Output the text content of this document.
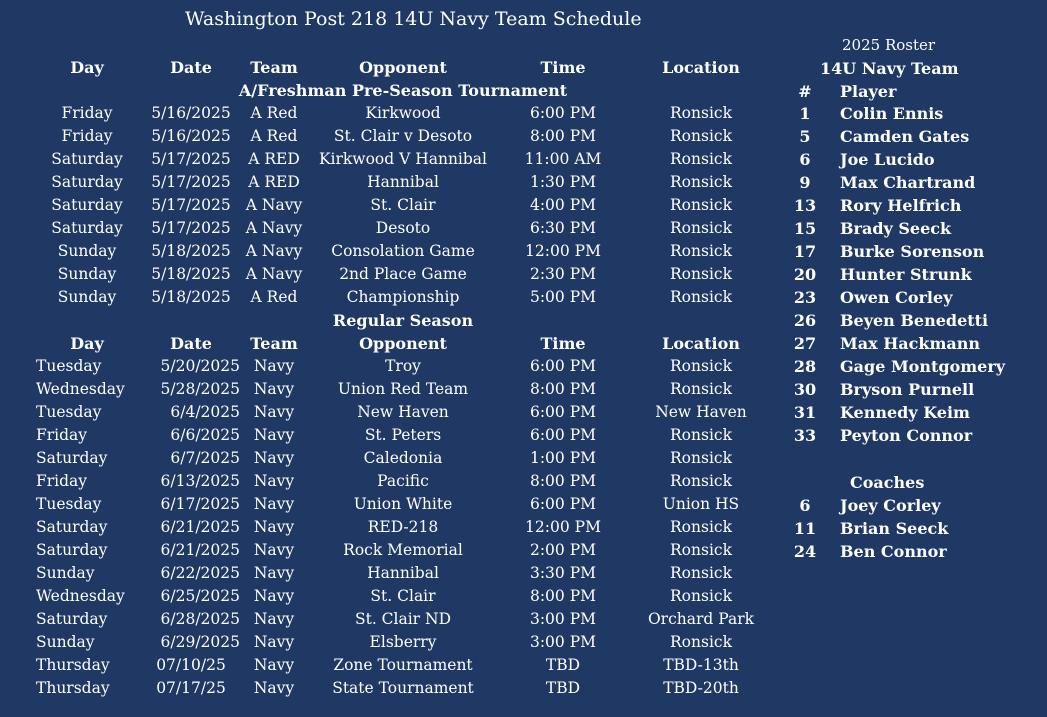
Washington Post 218 14U Navy Team Schedule
Day	Date	Team	Opponent	Time	Location
A/Freshman Pre-Season Tournament
Friday	5/16/2025	A Red	Kirkwood	6:00 PM	Ronsick
Friday	5/16/2025	A Red	St. Clair v Desoto	8:00 PM	Ronsick
Saturday	5/17/2025	A RED	Kirkwood V Hannibal	11:00 AM	Ronsick
Saturday	5/17/2025	A RED	Hannibal	1:30 PM	Ronsick
Saturday	5/17/2025 A Navy	St. Clair	4:00 PM	Ronsick
Saturday	5/17/2025 A Navy	Desoto	6:30 PM	Ronsick
Sunday	5/18/2025 A Navy	Consolation Game	12:00 PM	Ronsick
Sunday	5/18/2025 A Navy	2nd Place Game	2:30 PM	Ronsick
Sunday	5/18/2025	A Red	Championship	5:00 PM	Ronsick
Regular Season
Day	Date	Team	Opponent	Time	Location
Tuesday	5/20/2025 Navy	Troy	6:00 PM	Ronsick
Wednesday	5/28/2025 Navy	Union Red Team	8:00 PM	Ronsick
Tuesday	6/4/2025 Navy	New Haven	6:00 PM	New Haven
Friday	6/6/2025 Navy	St. Peters	6:00 PM	Ronsick
Saturday	6/7/2025 Navy	Caledonia	1:00 PM	Ronsick
Friday	6/13/2025 Navy	Pacific	8:00 PM	Ronsick
Tuesday	6/17/2025 Navy	Union White	6:00 PM	Union HS
Saturday	6/21/2025 Navy	RED-218	12:00 PM	Ronsick
Saturday	6/21/2025 Navy	Rock Memorial	2:00 PM	Ronsick
Sunday	6/22/2025 Navy	Hannibal	3:30 PM	Ronsick
Wednesday	6/25/2025 Navy	St. Clair	8:00 PM	Ronsick
Saturday	6/28/2025 Navy	St. Clair ND	3:00 PM	Orchard Park
Sunday	6/29/2025 Navy	Elsberry	3:00 PM	Ronsick
Thursday	07/10/25	Navy	Zone Tournament	TBD	TBD-13th
Thursday	07/17/25	Navy	State Tournament	TBD	TBD-20th
2025 Roster
14U Navy Team
#	Player
1	Colin Ennis
5	Camden Gates
6	Joe Lucido
9	Max Chartrand
13 Rory Helfrich
15 Brady Seeck
17 Burke Sorenson
20 Hunter Strunk
23 Owen Corley
26 Beyen Benedetti
27 Max Hackmann
28 Gage Montgomery
30 Bryson Purnell
31 Kennedy Keim
33 Peyton Connor
Coaches
6	Joey Corley
11 Brian Seeck
24 Ben Connor
